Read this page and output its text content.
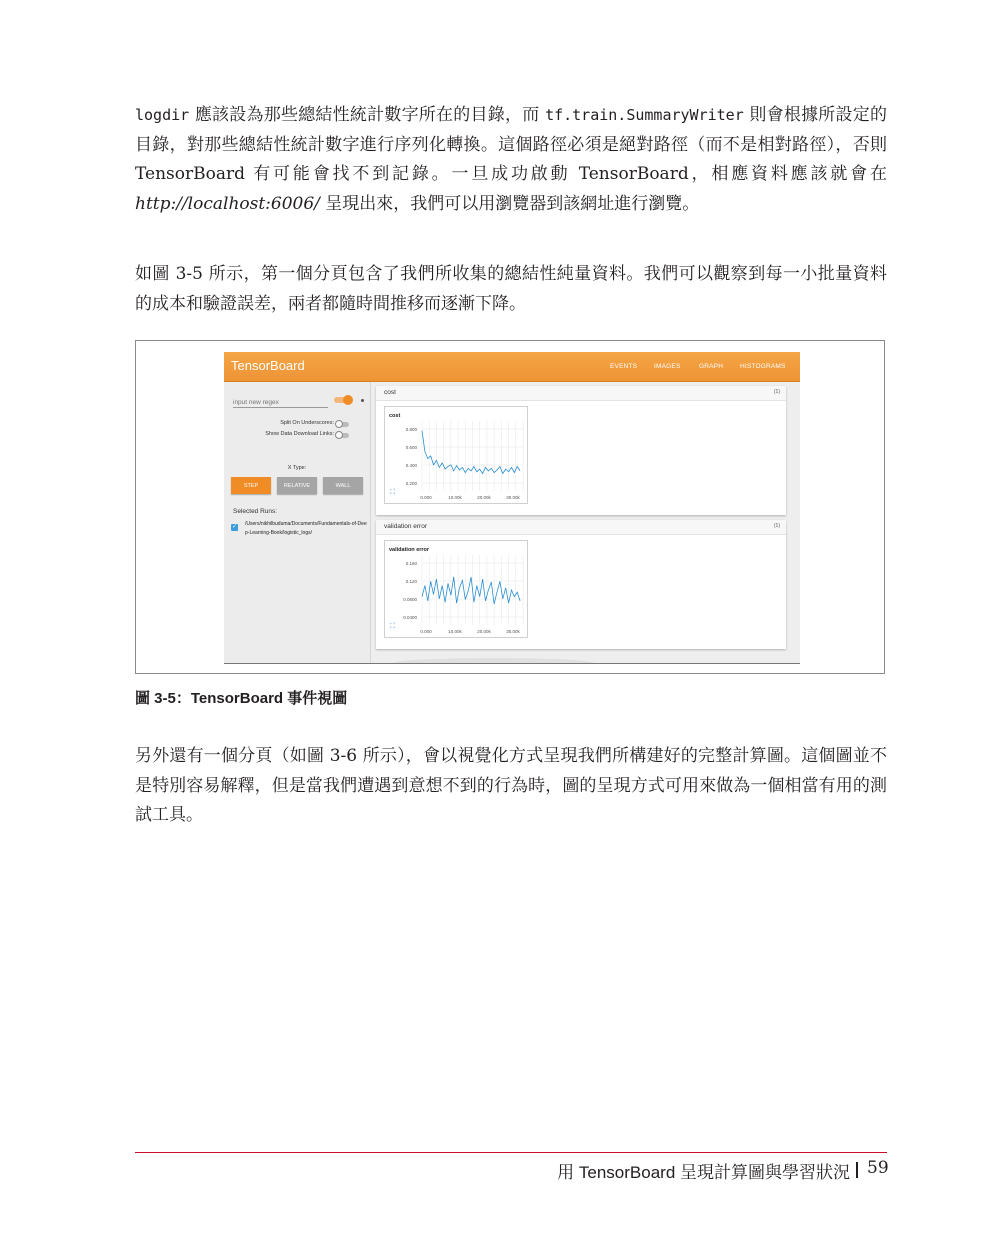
logdir 應該設為那些總結性統計數字所在的目錄，而 tf.train.SummaryWriter 則會根據所設定的目錄，對那些總結性統計數字進行序列化轉換。這個路徑必須是絕對路徑（而不是相對路徑），否則 TensorBoard 有可能會找不到記錄。一旦成功啟動 TensorBoard，相應資料應該就會在 http://localhost:6006/ 呈現出來，我們可以用瀏覽器到該網址進行瀏覽。

如圖 3-5 所示，第一個分頁包含了我們所收集的總結性純量資料。我們可以觀察到每一小批量資料的成本和驗證誤差，兩者都隨時間推移而逐漸下降。

TensorBoard	EVENTS	IMAGES	GRAPH	HISTOGRAMS
input new regex
Split On Underscores:
Show Data Download Links:
X Type:
STEP	RELATIVE	WALL
Selected Runs:
✓ /Users/nikhilbuduma/Documents/Fundamentals-of-Deep-Learning-Book/logistic_logs/
cost	(1)
cost
0.800
0.600
0.400
0.200
0.000	10.00k	20.00k	30.00k
⛶
validation error	(1)
validation error
0.160
0.120
0.0800
0.0400
0.000	10.00k	20.00k	30.00k
⛶
圖 3-5：TensorBoard 事件視圖

另外還有一個分頁（如圖 3-6 所示），會以視覺化方式呈現我們所構建好的完整計算圖。這個圖並不是特別容易解釋，但是當我們遭遇到意想不到的行為時，圖的呈現方式可用來做為一個相當有用的測試工具。

用 TensorBoard 呈現計算圖與學習狀況 59
